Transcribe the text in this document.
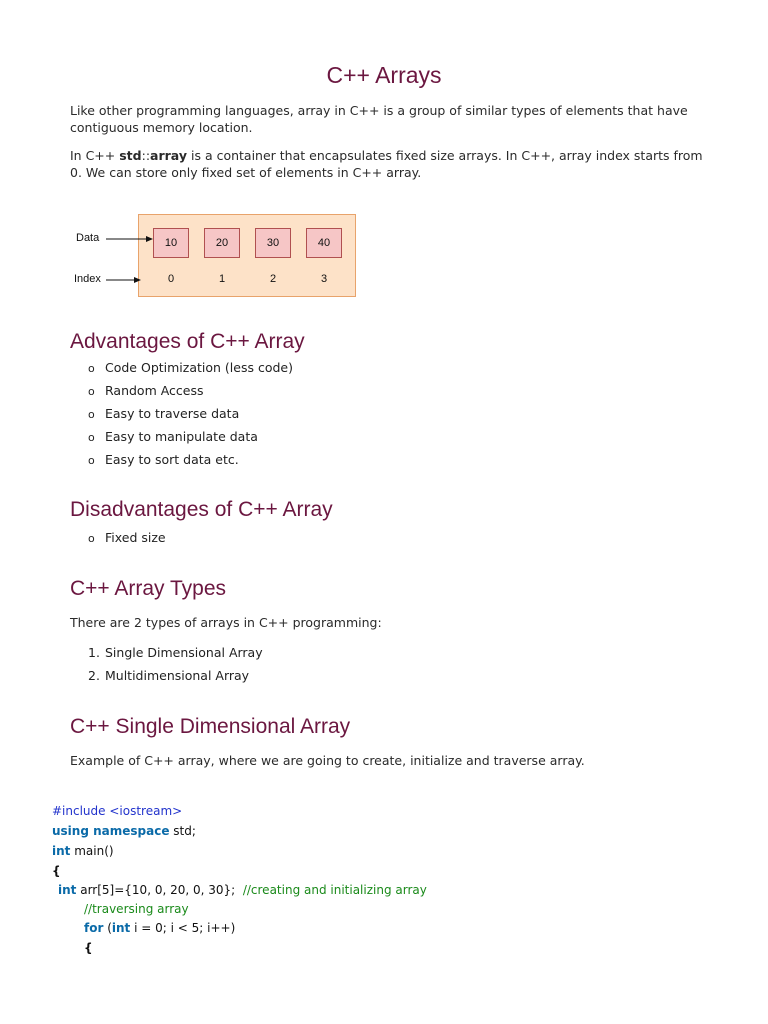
C++ Arrays
Like other programming languages, array in C++ is a group of similar types of elements that have contiguous memory location.
In C++ std::array is a container that encapsulates fixed size arrays. In C++, array index starts from 0. We can store only fixed set of elements in C++ array.
Data
Index
10	20	30	40
0	1	2	3
Advantages of C++ Array
o Code Optimization (less code)
o Random Access
o Easy to traverse data
o Easy to manipulate data
o Easy to sort data etc.
Disadvantages of C++ Array
o Fixed size
C++ Array Types
There are 2 types of arrays in C++ programming:
1. Single Dimensional Array
2. Multidimensional Array
C++ Single Dimensional Array
Example of C++ array, where we are going to create, initialize and traverse array.
#include <iostream>
using namespace std;
int main()
{
int arr[5]={10, 0, 20, 0, 30};  //creating and initializing array
//traversing array
for (int i = 0; i < 5; i++)
{
